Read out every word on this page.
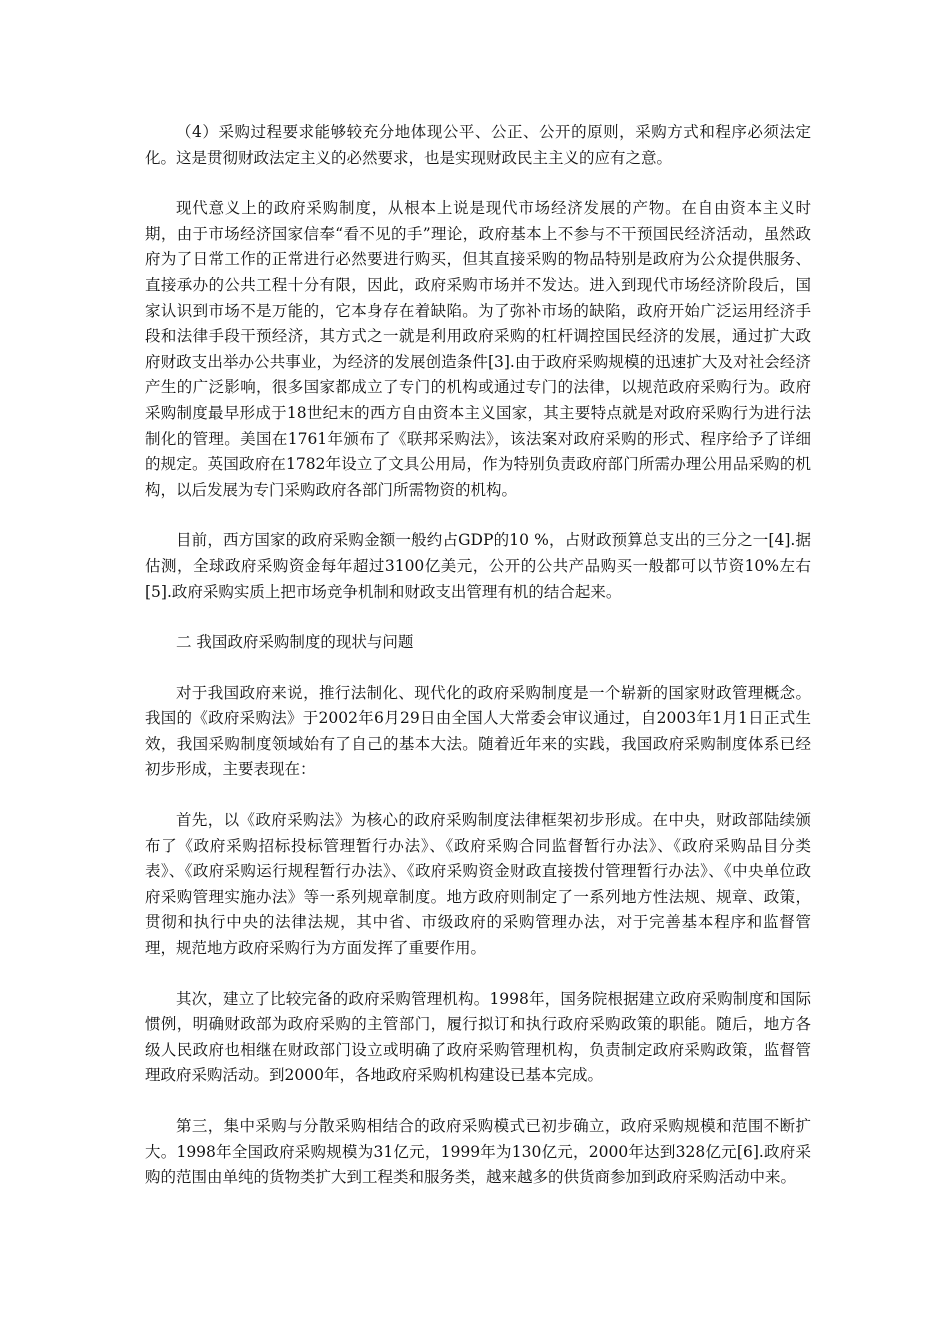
（4）采购过程要求能够较充分地体现公平、公正、公开的原则，采购方式和程序必须法定化。这是贯彻财政法定主义的必然要求，也是实现财政民主主义的应有之意。

现代意义上的政府采购制度，从根本上说是现代市场经济发展的产物。在自由资本主义时期，由于市场经济国家信奉“看不见的手”理论，政府基本上不参与不干预国民经济活动，虽然政府为了日常工作的正常进行必然要进行购买，但其直接采购的物品特别是政府为公众提供服务、直接承办的公共工程十分有限，因此，政府采购市场并不发达。进入到现代市场经济阶段后，国家认识到市场不是万能的，它本身存在着缺陷。为了弥补市场的缺陷，政府开始广泛运用经济手段和法律手段干预经济，其方式之一就是利用政府采购的杠杆调控国民经济的发展，通过扩大政府财政支出举办公共事业，为经济的发展创造条件[3].由于政府采购规模的迅速扩大及对社会经济产生的广泛影响，很多国家都成立了专门的机构或通过专门的法律，以规范政府采购行为。政府采购制度最早形成于18世纪末的西方自由资本主义国家，其主要特点就是对政府采购行为进行法制化的管理。美国在1761年颁布了《联邦采购法》，该法案对政府采购的形式、程序给予了详细的规定。英国政府在1782年设立了文具公用局，作为特别负责政府部门所需办理公用品采购的机构，以后发展为专门采购政府各部门所需物资的机构。

目前，西方国家的政府采购金额一般约占GDP的10 %，占财政预算总支出的三分之一[4].据估测，全球政府采购资金每年超过3100亿美元，公开的公共产品购买一般都可以节资10%左右[5].政府采购实质上把市场竞争机制和财政支出管理有机的结合起来。

二 我国政府采购制度的现状与问题

对于我国政府来说，推行法制化、现代化的政府采购制度是一个崭新的国家财政管理概念。我国的《政府采购法》于2002年6月29日由全国人大常委会审议通过，自2003年1月1日正式生效，我国采购制度领域始有了自己的基本大法。随着近年来的实践，我国政府采购制度体系已经初步形成，主要表现在：

首先，以《政府采购法》为核心的政府采购制度法律框架初步形成。在中央，财政部陆续颁布了《政府采购招标投标管理暂行办法》、《政府采购合同监督暂行办法》、《政府采购品目分类表》、《政府采购运行规程暂行办法》、《政府采购资金财政直接拨付管理暂行办法》、《中央单位政府采购管理实施办法》等一系列规章制度。地方政府则制定了一系列地方性法规、规章、政策，贯彻和执行中央的法律法规，其中省、市级政府的采购管理办法，对于完善基本程序和监督管理，规范地方政府采购行为方面发挥了重要作用。

其次，建立了比较完备的政府采购管理机构。1998年，国务院根据建立政府采购制度和国际惯例，明确财政部为政府采购的主管部门，履行拟订和执行政府采购政策的职能。随后，地方各级人民政府也相继在财政部门设立或明确了政府采购管理机构，负责制定政府采购政策，监督管理政府采购活动。到2000年，各地政府采购机构建设已基本完成。

第三，集中采购与分散采购相结合的政府采购模式已初步确立，政府采购规模和范围不断扩大。1998年全国政府采购规模为31亿元，1999年为130亿元，2000年达到328亿元[6].政府采购的范围由单纯的货物类扩大到工程类和服务类，越来越多的供货商参加到政府采购活动中来。
